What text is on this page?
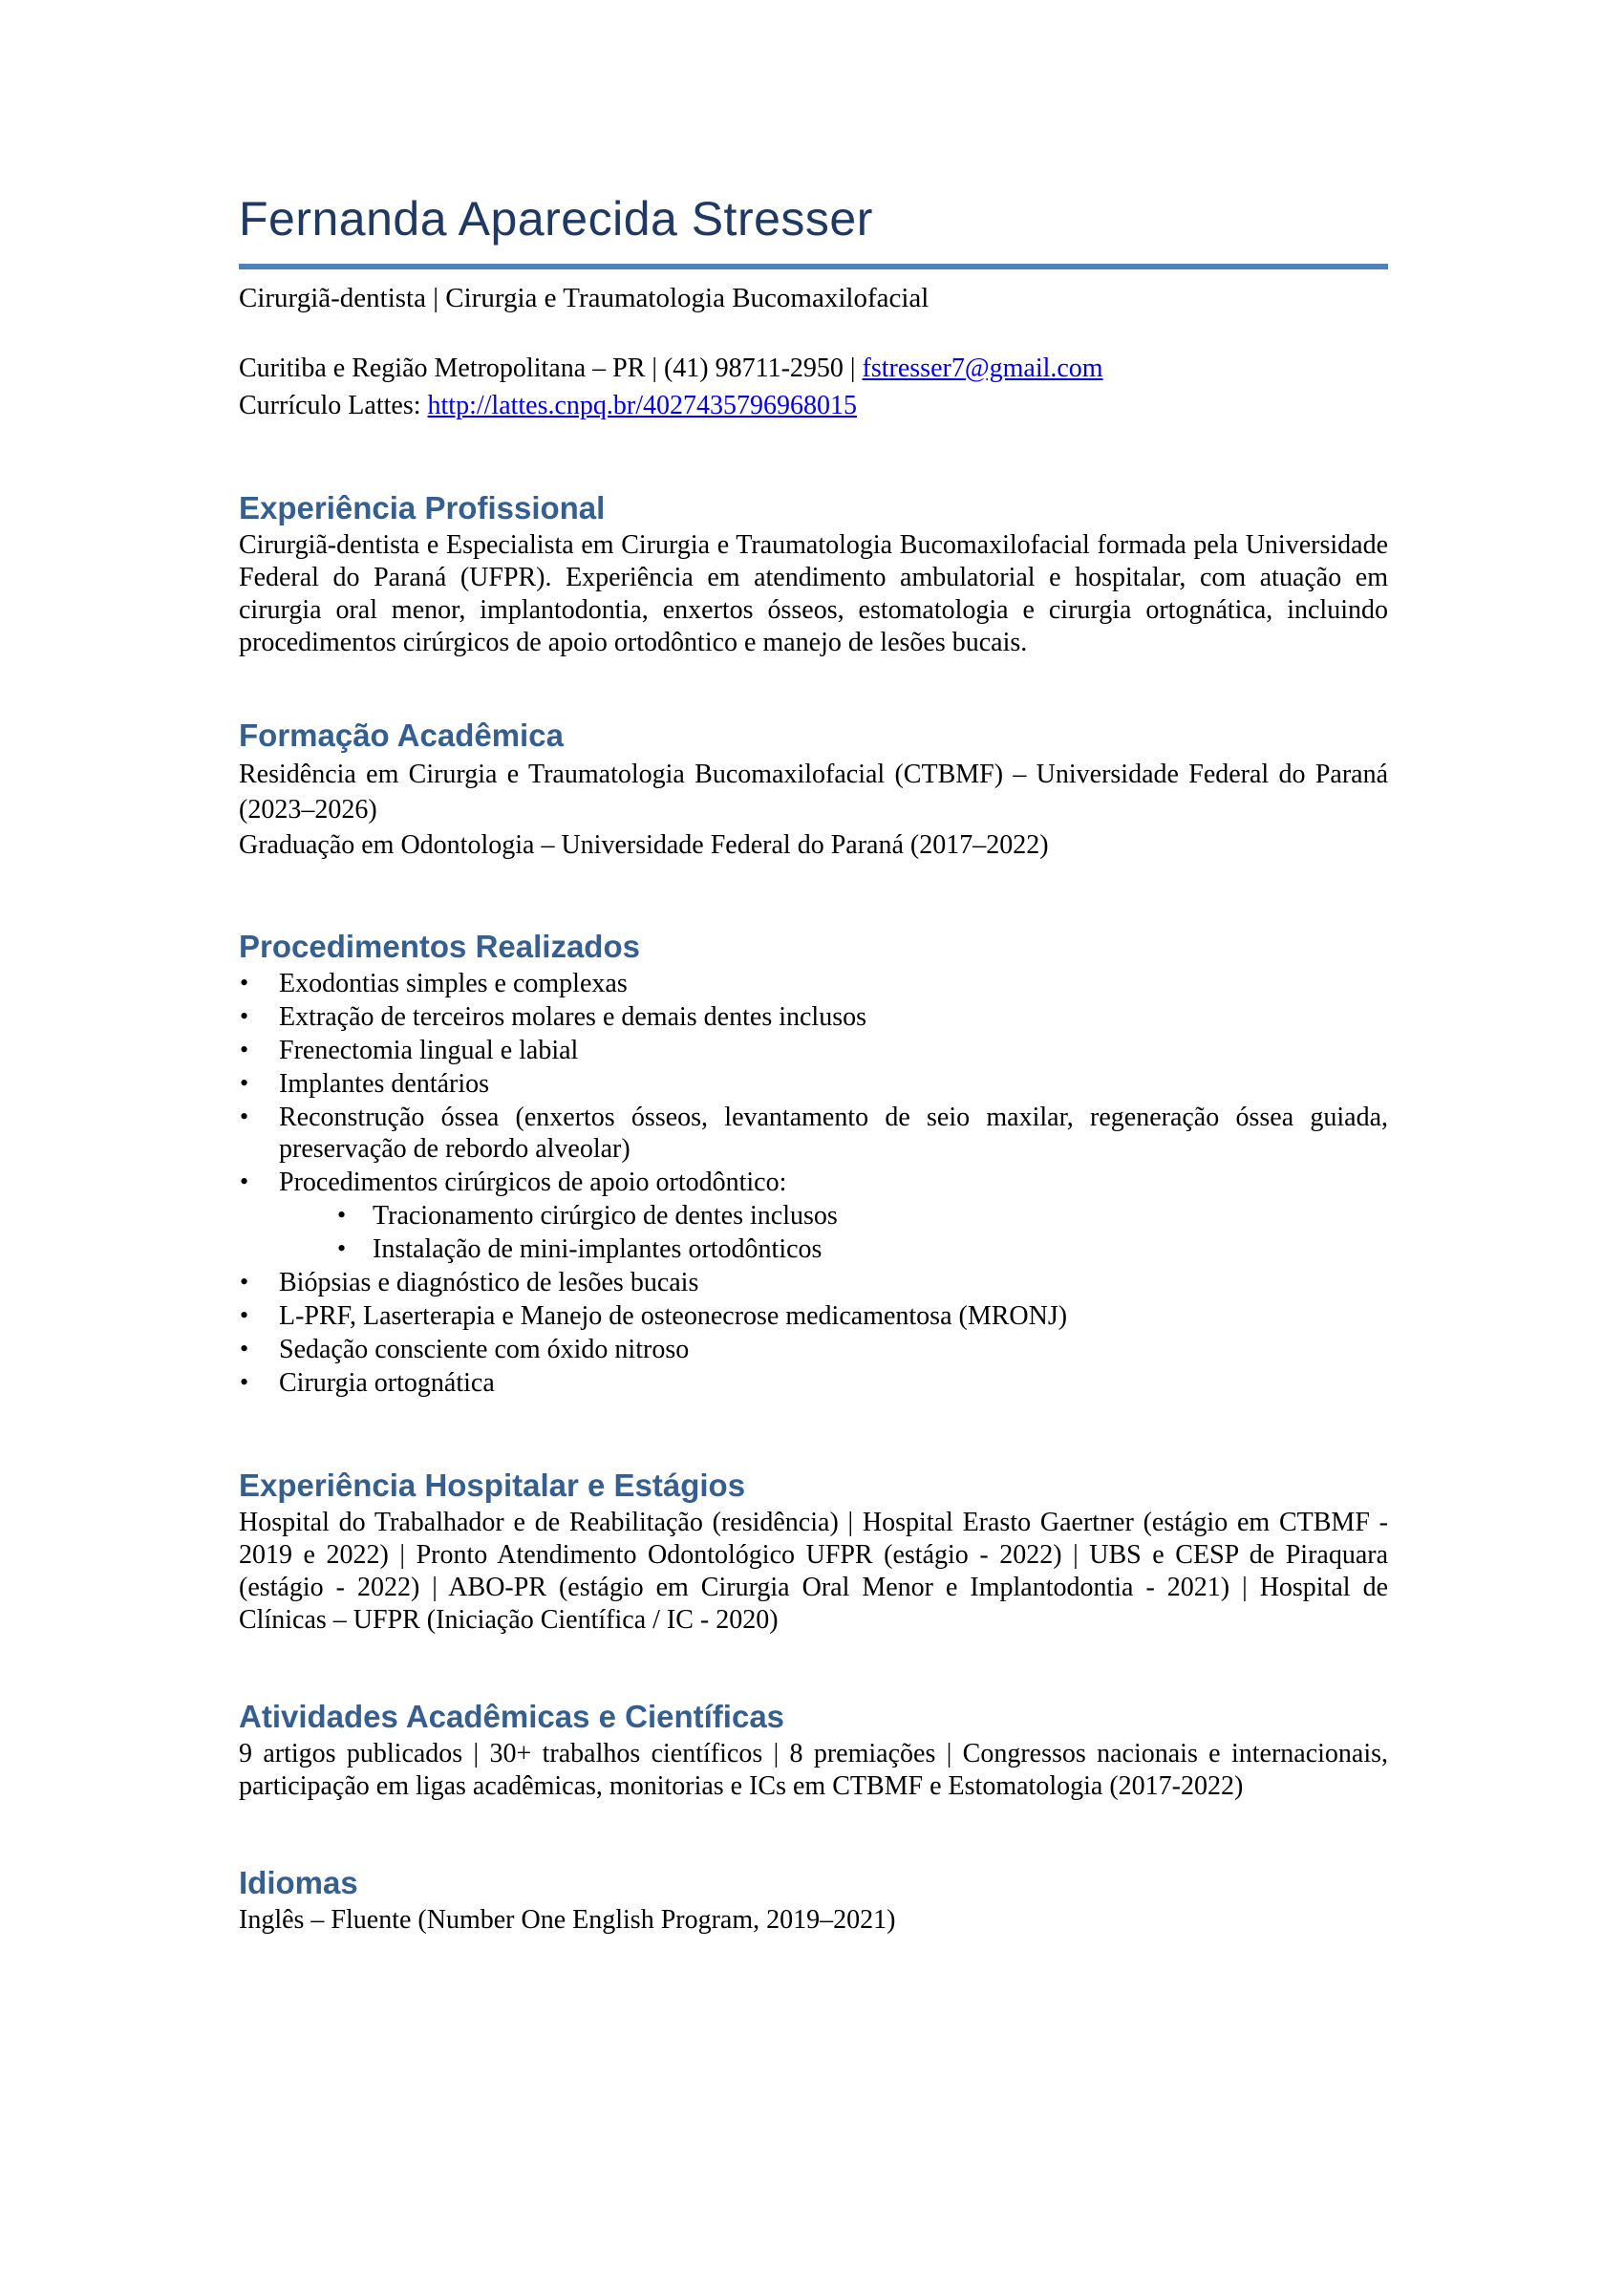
Fernanda Aparecida Stresser

Cirurgiã-dentista | Cirurgia e Traumatologia Bucomaxilofacial

Curitiba e Região Metropolitana – PR | (41) 98711-2950 | fstresser7@gmail.com

Currículo Lattes: http://lattes.cnpq.br/4027435796968015

Experiência Profissional

Cirurgiã-dentista e Especialista em Cirurgia e Traumatologia Bucomaxilofacial formada pela Universidade Federal do Paraná (UFPR). Experiência em atendimento ambulatorial e hospitalar, com atuação em cirurgia oral menor, implantodontia, enxertos ósseos, estomatologia e cirurgia ortognática, incluindo procedimentos cirúrgicos de apoio ortodôntico e manejo de lesões bucais.

Formação Acadêmica

Residência em Cirurgia e Traumatologia Bucomaxilofacial (CTBMF) – Universidade Federal do Paraná (2023–2026)

Graduação em Odontologia – Universidade Federal do Paraná (2017–2022)

Procedimentos Realizados
• Exodontias simples e complexas
• Extração de terceiros molares e demais dentes inclusos
• Frenectomia lingual e labial
• Implantes dentários
• Reconstrução óssea (enxertos ósseos, levantamento de seio maxilar, regeneração óssea guiada, preservação de rebordo alveolar)
• Procedimentos cirúrgicos de apoio ortodôntico:
• Tracionamento cirúrgico de dentes inclusos
• Instalação de mini-implantes ortodônticos
• Biópsias e diagnóstico de lesões bucais
• L-PRF, Laserterapia e Manejo de osteonecrose medicamentosa (MRONJ)
• Sedação consciente com óxido nitroso
• Cirurgia ortognática
Experiência Hospitalar e Estágios

Hospital do Trabalhador e de Reabilitação (residência) | Hospital Erasto Gaertner (estágio em CTBMF - 2019 e 2022) | Pronto Atendimento Odontológico UFPR (estágio - 2022) | UBS e CESP de Piraquara (estágio - 2022) | ABO-PR (estágio em Cirurgia Oral Menor e Implantodontia - 2021) | Hospital de Clínicas – UFPR (Iniciação Científica / IC - 2020)

Atividades Acadêmicas e Científicas

9 artigos publicados | 30+ trabalhos científicos | 8 premiações | Congressos nacionais e internacionais, participação em ligas acadêmicas, monitorias e ICs em CTBMF e Estomatologia (2017-2022)

Idiomas

Inglês – Fluente (Number One English Program, 2019–2021)
